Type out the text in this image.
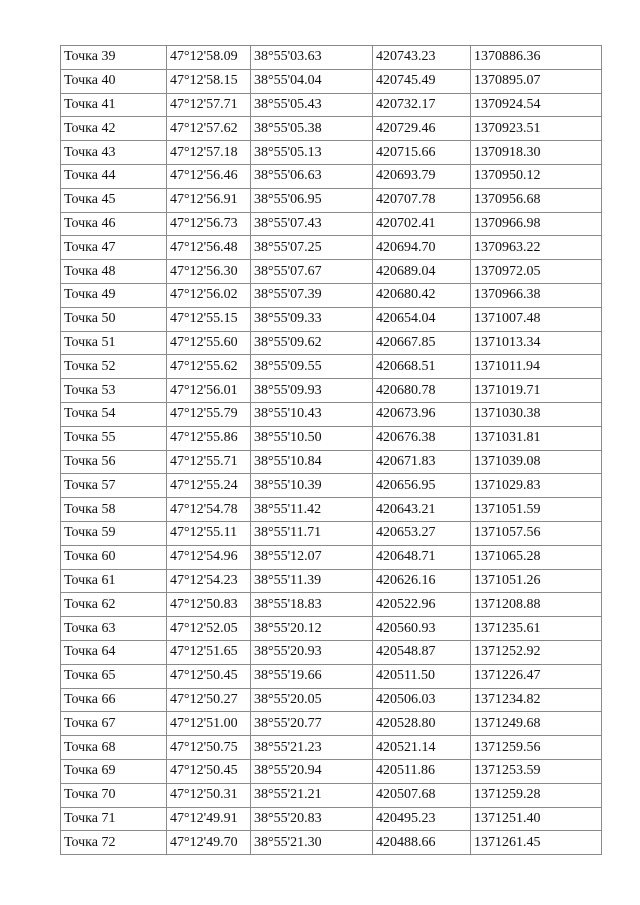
Точка 39	47°12'58.09	38°55'03.63	420743.23	1370886.36
Точка 40	47°12'58.15	38°55'04.04	420745.49	1370895.07
Точка 41	47°12'57.71	38°55'05.43	420732.17	1370924.54
Точка 42	47°12'57.62	38°55'05.38	420729.46	1370923.51
Точка 43	47°12'57.18	38°55'05.13	420715.66	1370918.30
Точка 44	47°12'56.46	38°55'06.63	420693.79	1370950.12
Точка 45	47°12'56.91	38°55'06.95	420707.78	1370956.68
Точка 46	47°12'56.73	38°55'07.43	420702.41	1370966.98
Точка 47	47°12'56.48	38°55'07.25	420694.70	1370963.22
Точка 48	47°12'56.30	38°55'07.67	420689.04	1370972.05
Точка 49	47°12'56.02	38°55'07.39	420680.42	1370966.38
Точка 50	47°12'55.15	38°55'09.33	420654.04	1371007.48
Точка 51	47°12'55.60	38°55'09.62	420667.85	1371013.34
Точка 52	47°12'55.62	38°55'09.55	420668.51	1371011.94
Точка 53	47°12'56.01	38°55'09.93	420680.78	1371019.71
Точка 54	47°12'55.79	38°55'10.43	420673.96	1371030.38
Точка 55	47°12'55.86	38°55'10.50	420676.38	1371031.81
Точка 56	47°12'55.71	38°55'10.84	420671.83	1371039.08
Точка 57	47°12'55.24	38°55'10.39	420656.95	1371029.83
Точка 58	47°12'54.78	38°55'11.42	420643.21	1371051.59
Точка 59	47°12'55.11	38°55'11.71	420653.27	1371057.56
Точка 60	47°12'54.96	38°55'12.07	420648.71	1371065.28
Точка 61	47°12'54.23	38°55'11.39	420626.16	1371051.26
Точка 62	47°12'50.83	38°55'18.83	420522.96	1371208.88
Точка 63	47°12'52.05	38°55'20.12	420560.93	1371235.61
Точка 64	47°12'51.65	38°55'20.93	420548.87	1371252.92
Точка 65	47°12'50.45	38°55'19.66	420511.50	1371226.47
Точка 66	47°12'50.27	38°55'20.05	420506.03	1371234.82
Точка 67	47°12'51.00	38°55'20.77	420528.80	1371249.68
Точка 68	47°12'50.75	38°55'21.23	420521.14	1371259.56
Точка 69	47°12'50.45	38°55'20.94	420511.86	1371253.59
Точка 70	47°12'50.31	38°55'21.21	420507.68	1371259.28
Точка 71	47°12'49.91	38°55'20.83	420495.23	1371251.40
Точка 72	47°12'49.70	38°55'21.30	420488.66	1371261.45
